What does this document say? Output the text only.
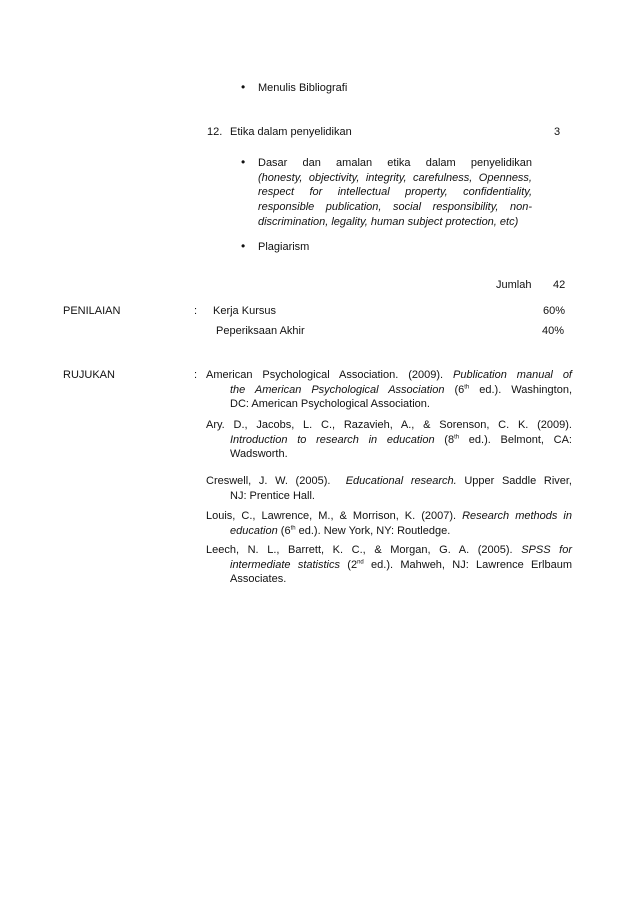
• Menulis Bibliografi
12. Etika dalam penyelidikan	3
• Dasar dan amalan etika dalam penyelidikan
(honesty, objectivity, integrity, carefulness, Openness, respect for intellectual property, confidentiality, responsible publication, social responsibility, non-discrimination, legality, human subject protection, etc)
• Plagiarism
Jumlah 42
PENILAIAN	: Kerja Kursus	60%
Peperiksaan Akhir	40%
RUJUKAN	: American Psychological Association. (2009). Publication manual of
the American Psychological Association (6th ed.). Washington,
DC: American Psychological Association.
Ary. D., Jacobs, L. C., Razavieh, A., & Sorenson, C. K. (2009).
Introduction to research in education (8th ed.). Belmont, CA:
Wadsworth.
Creswell, J. W. (2005). Educational research. Upper Saddle River,
NJ: Prentice Hall.
Louis, C., Lawrence, M., & Morrison, K. (2007). Research methods in
education (6th ed.). New York, NY: Routledge.
Leech, N. L., Barrett, K. C., & Morgan, G. A. (2005). SPSS for
intermediate statistics (2nd ed.). Mahweh, NJ: Lawrence Erlbaum
Associates.
